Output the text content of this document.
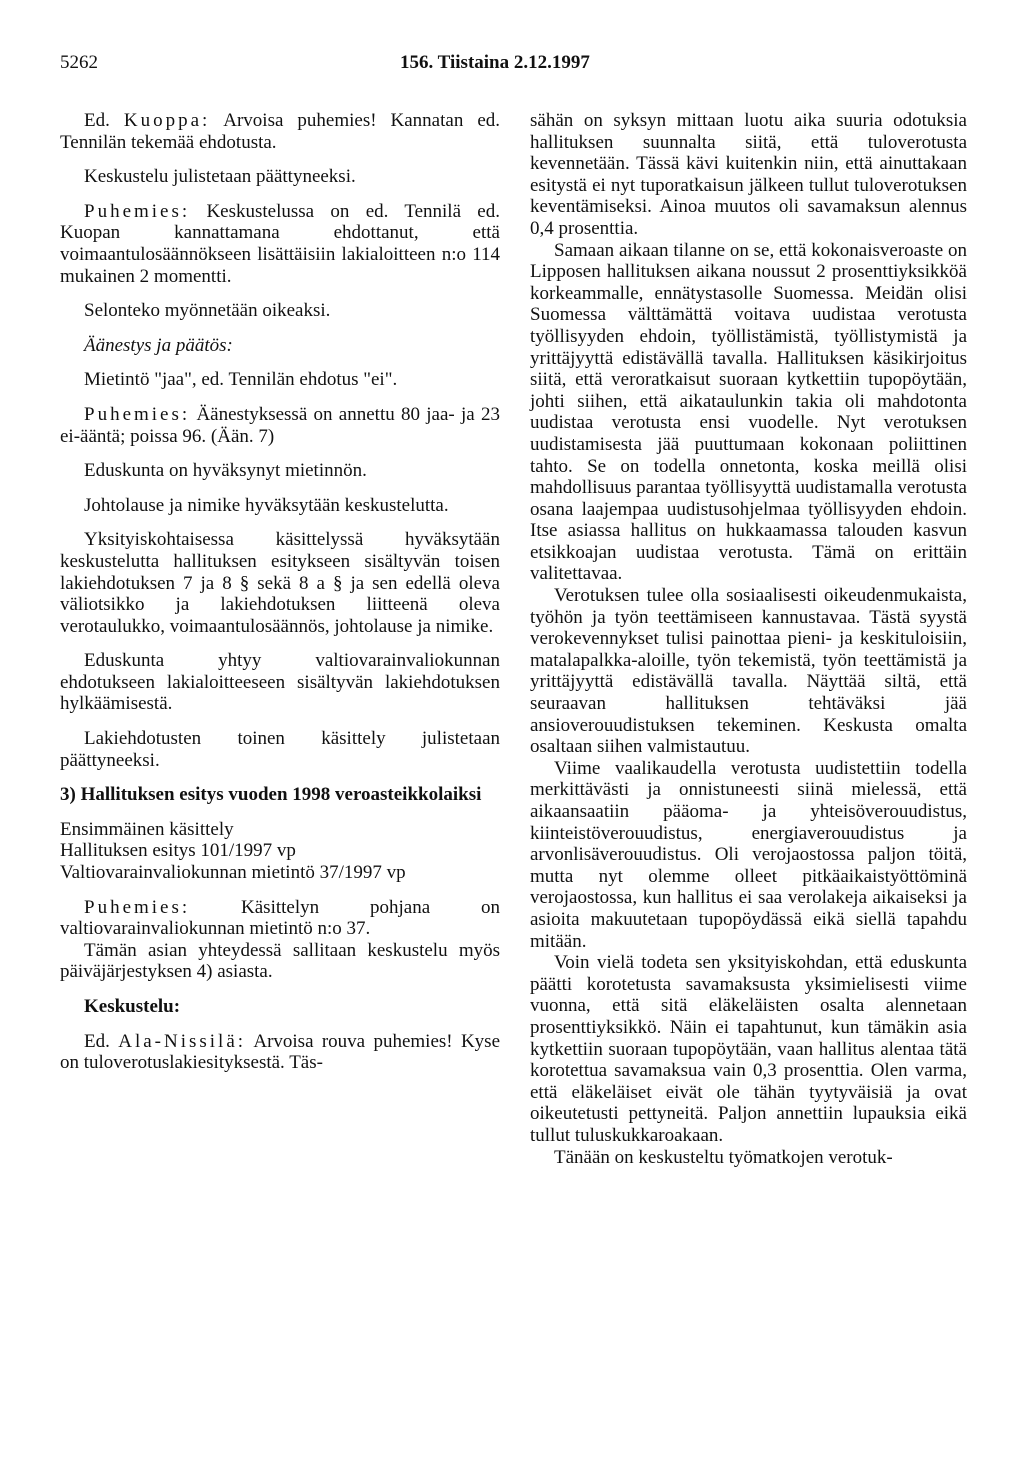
5262	156. Tiistaina 2.12.1997

Ed. Kuoppa: Arvoisa puhemies! Kannatan ed. Tennilän tekemää ehdotusta.

Keskustelu julistetaan päättyneeksi.

Puhemies: Keskustelussa on ed. Tennilä ed. Kuopan kannattamana ehdottanut, että voimaantulosäännökseen lisättäisiin lakialoitteen n:o 114 mukainen 2 momentti.

Selonteko myönnetään oikeaksi.

Äänestys ja päätös:

Mietintö "jaa", ed. Tennilän ehdotus "ei".

Puhemies: Äänestyksessä on annettu 80 jaa- ja 23 ei-ääntä; poissa 96. (Ään. 7)

Eduskunta on hyväksynyt mietinnön.

Johtolause ja nimike hyväksytään keskustelutta.

Yksityiskohtaisessa käsittelyssä hyväksytään keskustelutta hallituksen esitykseen sisältyvän toisen lakiehdotuksen 7 ja 8 § sekä 8 a § ja sen edellä oleva väliotsikko ja lakiehdotuksen liitteenä oleva verotaulukko, voimaantulosäännös, johtolause ja nimike.

Eduskunta yhtyy valtiovarainvaliokunnan ehdotukseen lakialoitteeseen sisältyvän lakiehdotuksen hylkäämisestä.

Lakiehdotusten toinen käsittely julistetaan päättyneeksi.

3) Hallituksen esitys vuoden 1998 veroasteikkolaiksi

Ensimmäinen käsittely

Hallituksen esitys 101/1997 vp

Valtiovarainvaliokunnan mietintö 37/1997 vp

Puhemies: Käsittelyn pohjana on valtiovarainvaliokunnan mietintö n:o 37.

Tämän asian yhteydessä sallitaan keskustelu myös päiväjärjestyksen 4) asiasta.

Keskustelu:

Ed. Ala-Nissilä: Arvoisa rouva puhemies! Kyse on tuloverotuslakiesityksestä. Täs-

sähän on syksyn mittaan luotu aika suuria odotuksia hallituksen suunnalta siitä, että tuloverotusta kevennetään. Tässä kävi kuitenkin niin, että ainuttakaan esitystä ei nyt tuporatkaisun jälkeen tullut tuloverotuksen keventämiseksi. Ainoa muutos oli savamaksun alennus 0,4 prosenttia.

Samaan aikaan tilanne on se, että kokonaisveroaste on Lipposen hallituksen aikana noussut 2 prosenttiyksikköä korkeammalle, ennätystasolle Suomessa. Meidän olisi Suomessa välttämättä voitava uudistaa verotusta työllisyyden ehdoin, työllistämistä, työllistymistä ja yrittäjyyttä edistävällä tavalla. Hallituksen käsikirjoitus siitä, että veroratkaisut suoraan kytkettiin tupopöytään, johti siihen, että aikataulunkin takia oli mahdotonta uudistaa verotusta ensi vuodelle. Nyt verotuksen uudistamisesta jää puuttumaan kokonaan poliittinen tahto. Se on todella onnetonta, koska meillä olisi mahdollisuus parantaa työllisyyttä uudistamalla verotusta osana laajempaa uudistusohjelmaa työllisyyden ehdoin. Itse asiassa hallitus on hukkaamassa talouden kasvun etsikkoajan uudistaa verotusta. Tämä on erittäin valitettavaa.

Verotuksen tulee olla sosiaalisesti oikeudenmukaista, työhön ja työn teettämiseen kannustavaa. Tästä syystä verokevennykset tulisi painottaa pieni- ja keskituloisiin, matalapalkka-aloille, työn tekemistä, työn teettämistä ja yrittäjyyttä edistävällä tavalla. Näyttää siltä, että seuraavan hallituksen tehtäväksi jää ansioverouudistuksen tekeminen. Keskusta omalta osaltaan siihen valmistautuu.

Viime vaalikaudella verotusta uudistettiin todella merkittävästi ja onnistuneesti siinä mielessä, että aikaansaatiin pääoma- ja yhteisöverouudistus, kiinteistöverouudistus, energiaverouudistus ja arvonlisäverouudistus. Oli verojaostossa paljon töitä, mutta nyt olemme olleet pitkäaikaistyöttöminä verojaostossa, kun hallitus ei saa verolakeja aikaiseksi ja asioita makuutetaan tupopöydässä eikä siellä tapahdu mitään.

Voin vielä todeta sen yksityiskohdan, että eduskunta päätti korotetusta savamaksusta yksimielisesti viime vuonna, että sitä eläkeläisten osalta alennetaan prosenttiyksikkö. Näin ei tapahtunut, kun tämäkin asia kytkettiin suoraan tupopöytään, vaan hallitus alentaa tätä korotettua savamaksua vain 0,3 prosenttia. Olen varma, että eläkeläiset eivät ole tähän tyytyväisiä ja ovat oikeutetusti pettyneitä. Paljon annettiin lupauksia eikä tullut tuluskukkaroakaan.

Tänään on keskusteltu työmatkojen verotuk-
